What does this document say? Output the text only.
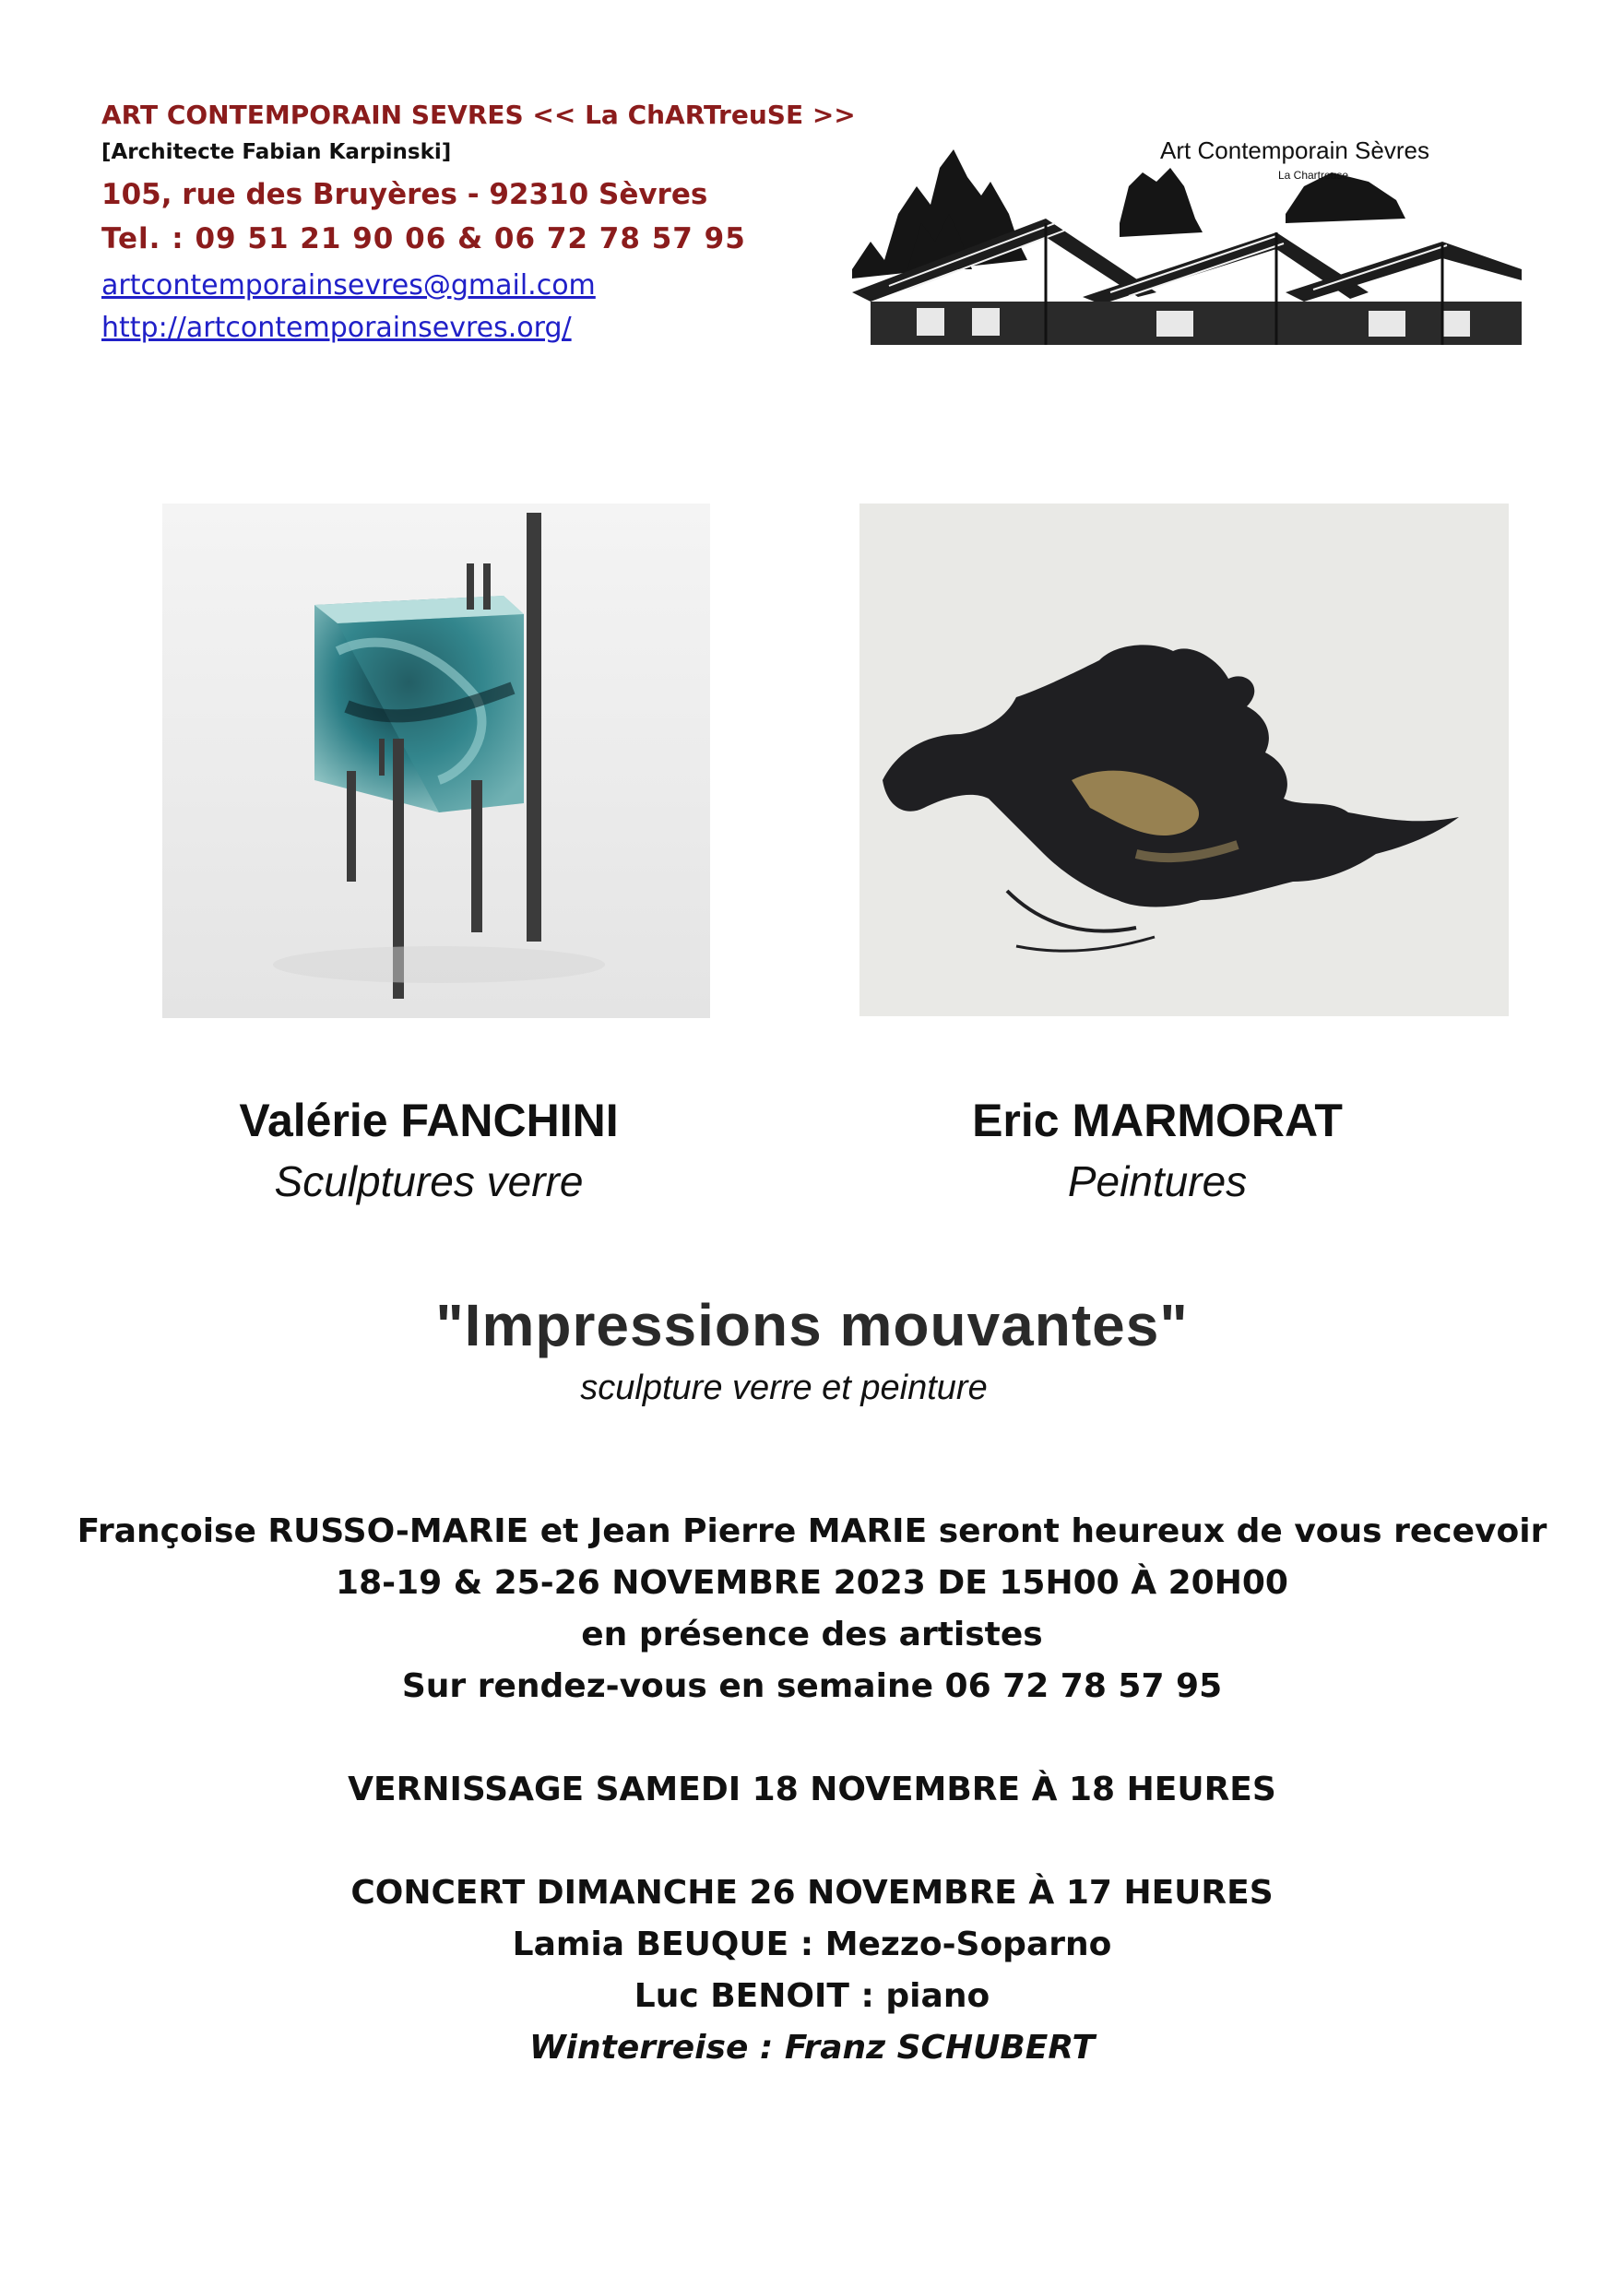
ART CONTEMPORAIN SEVRES << La ChARTreuSE >>
[Architecte Fabian Karpinski]
105, rue des Bruyères - 92310 Sèvres
Tel. : 09 51 21 90 06 & 06 72 78 57 95
artcontemporainsevres@gmail.com
http://artcontemporainsevres.org/
Art Contemporain Sèvres
La Chartreuse
Valérie FANCHINI
Sculptures verre
Eric MARMORAT
Peintures
"Impressions mouvantes"
sculpture verre et peinture
Françoise RUSSO-MARIE et Jean Pierre MARIE seront heureux de vous recevoir
18-19 & 25-26 NOVEMBRE 2023 DE 15H00 À 20H00
en présence des artistes
Sur rendez-vous en semaine 06 72 78 57 95
VERNISSAGE SAMEDI 18 NOVEMBRE À 18 HEURES
CONCERT DIMANCHE 26 NOVEMBRE À 17 HEURES
Lamia BEUQUE : Mezzo-Soparno
Luc BENOIT : piano
Winterreise : Franz SCHUBERT
